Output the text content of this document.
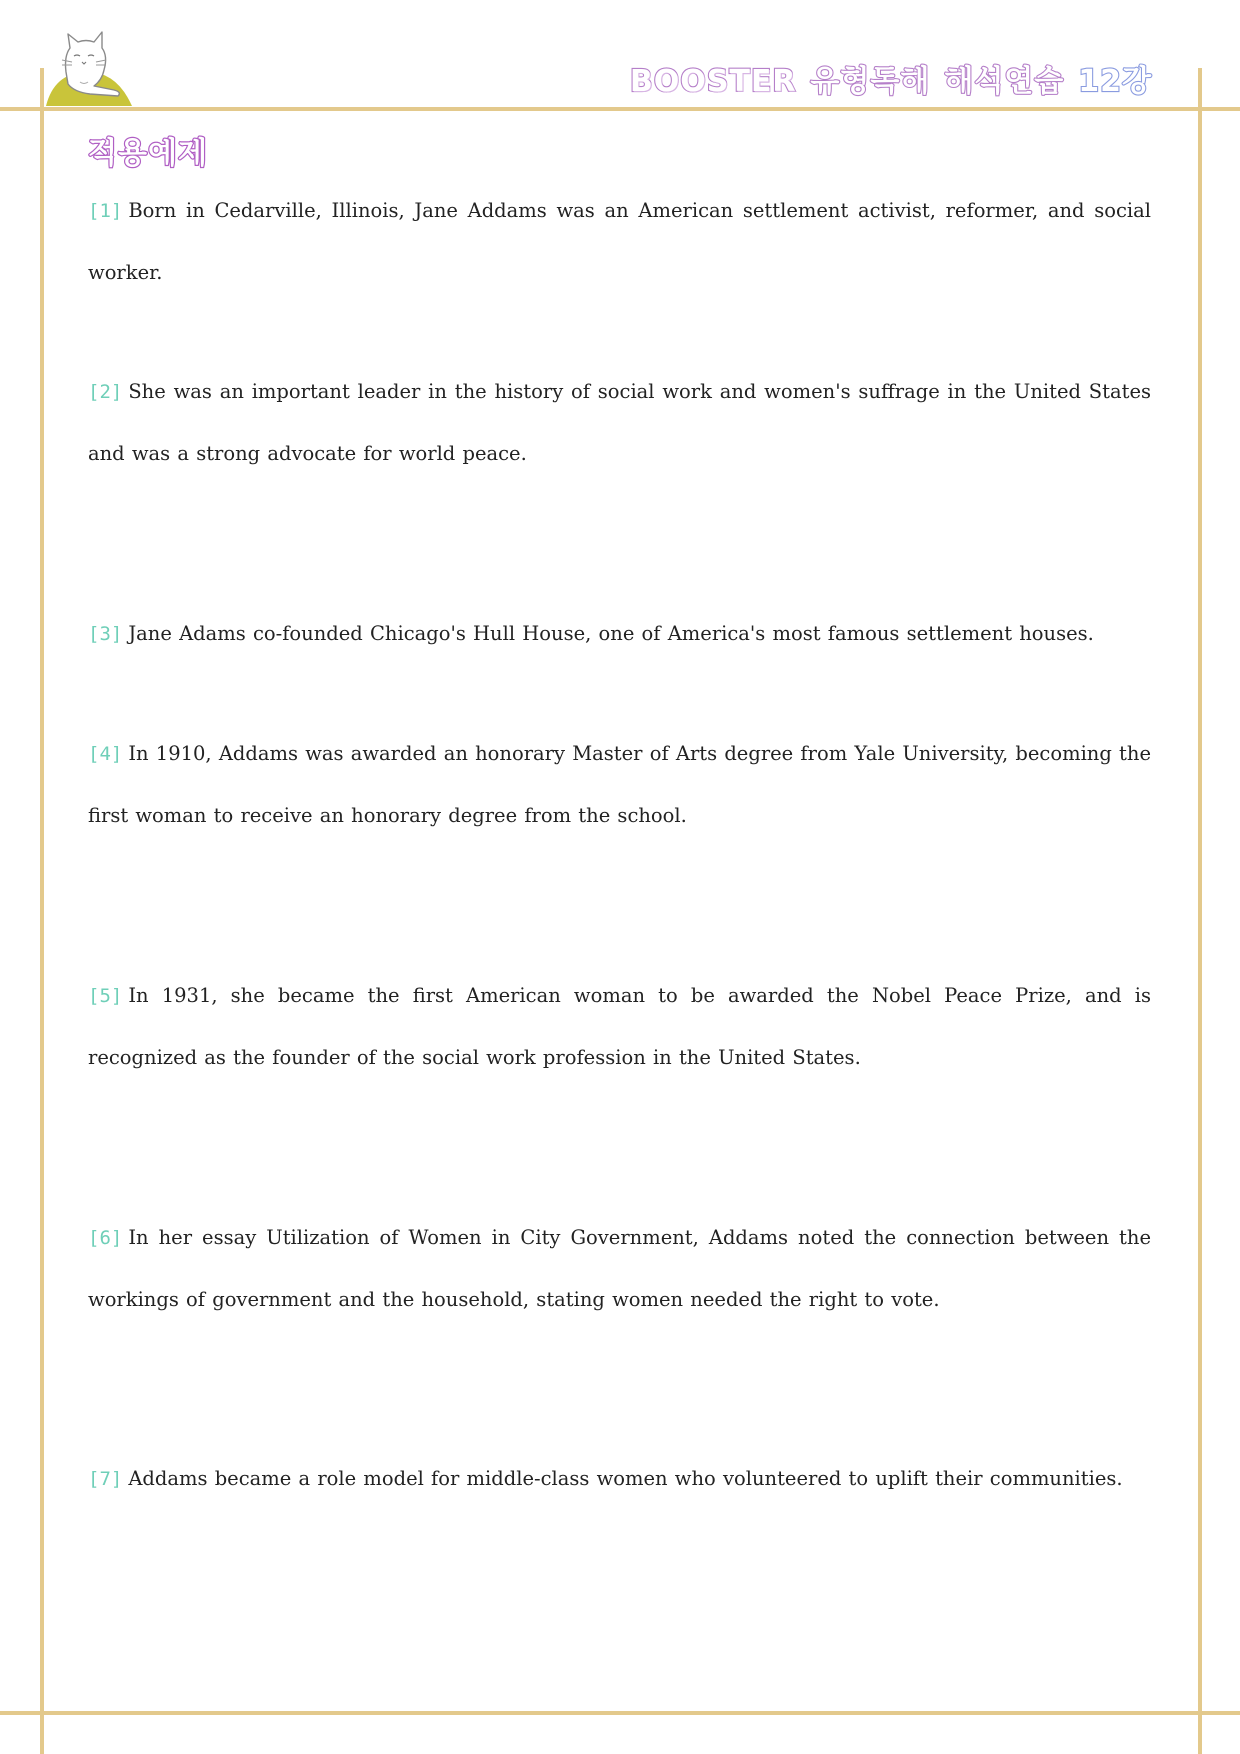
BOOSTER 유형독해 해석연습 12강
적용예제

[1] Born in Cedarville, Illinois, Jane Addams was an American settlement activist, reformer, and social worker.

[2] She was an important leader in the history of social work and women's suffrage in the United States and was a strong advocate for world peace.

[3] Jane Adams co-founded Chicago's Hull House, one of America's most famous settlement houses.

[4] In 1910, Addams was awarded an honorary Master of Arts degree from Yale University, becoming the first woman to receive an honorary degree from the school.

[5] In 1931, she became the first American woman to be awarded the Nobel Peace Prize, and is recognized as the founder of the social work profession in the United States.

[6] In her essay Utilization of Women in City Government, Addams noted the connection between the workings of government and the household, stating women needed the right to vote.

[7] Addams became a role model for middle-class women who volunteered to uplift their communities.
